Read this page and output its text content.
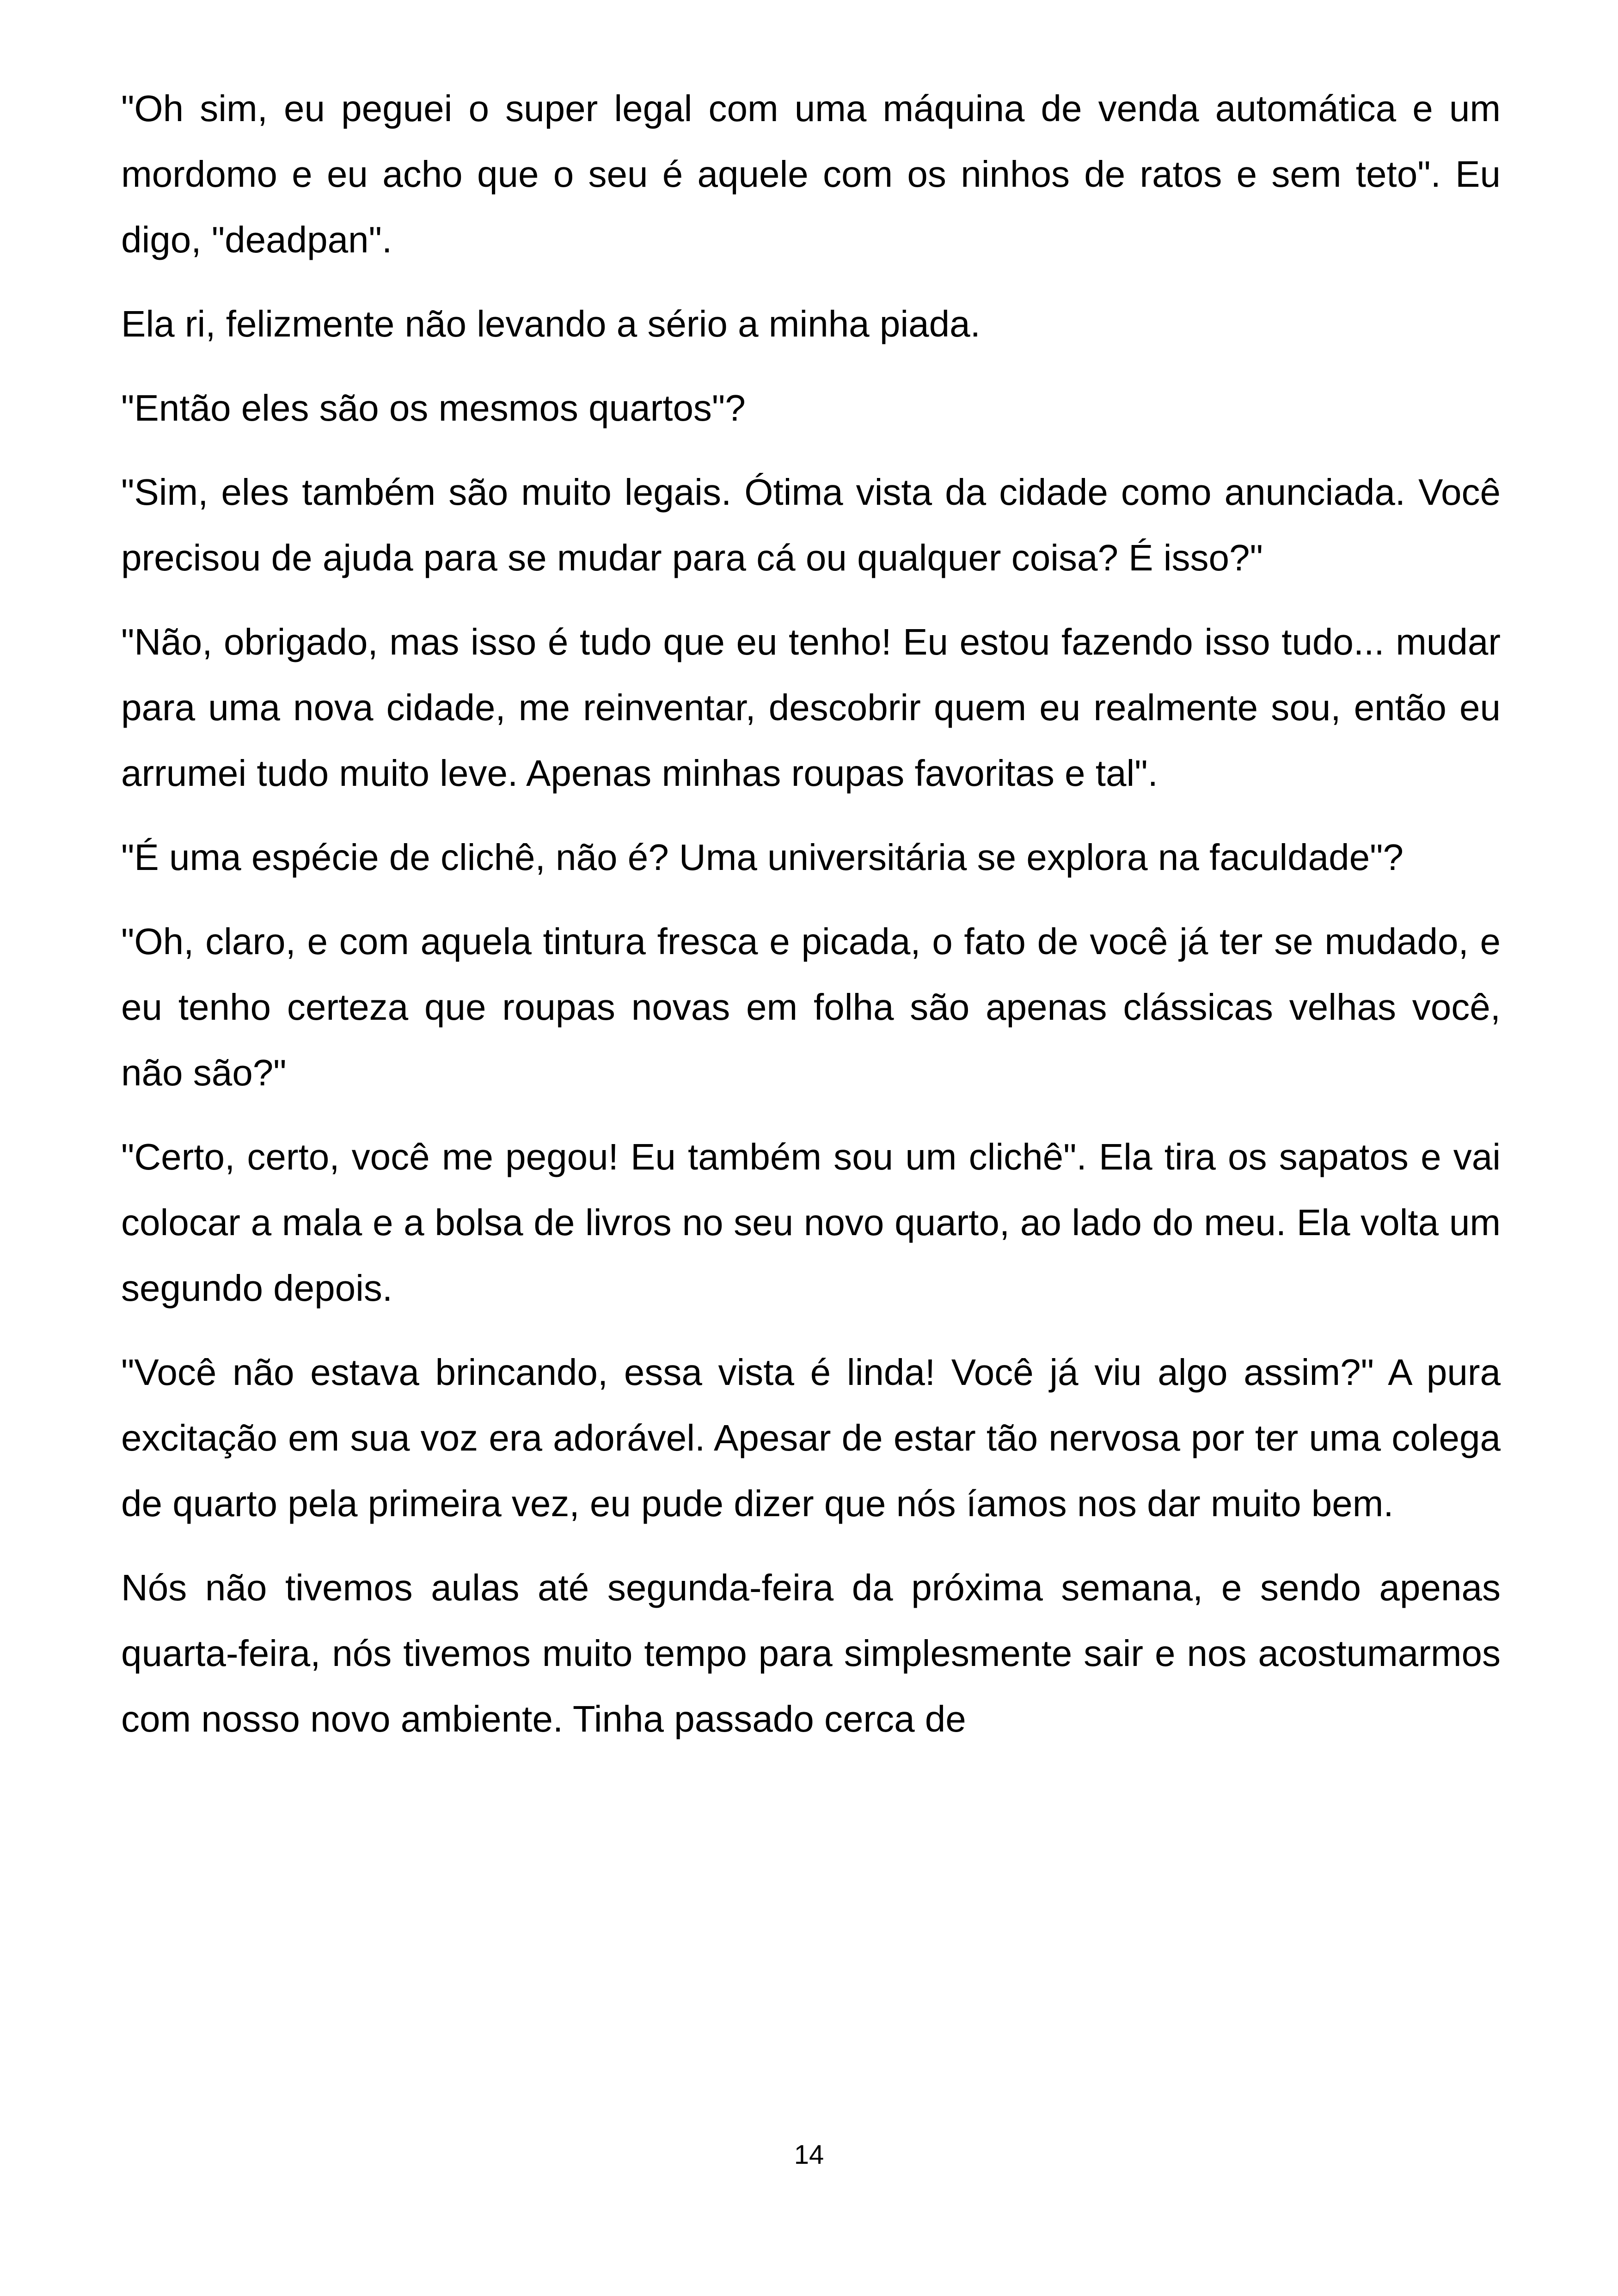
"Oh sim, eu peguei o super legal com uma máquina de venda automática e um mordomo e eu acho que o seu é aquele com os ninhos de ratos e sem teto". Eu digo, "deadpan".

Ela ri, felizmente não levando a sério a minha piada.

"Então eles são os mesmos quartos"?

"Sim, eles também são muito legais. Ótima vista da cidade como anunciada. Você precisou de ajuda para se mudar para cá ou qualquer coisa? É isso?"

"Não, obrigado, mas isso é tudo que eu tenho! Eu estou fazendo isso tudo... mudar para uma nova cidade, me reinventar, descobrir quem eu realmente sou, então eu arrumei tudo muito leve. Apenas minhas roupas favoritas e tal".

"É uma espécie de clichê, não é? Uma universitária se explora na faculdade"?

"Oh, claro, e com aquela tintura fresca e picada, o fato de você já ter se mudado, e eu tenho certeza que roupas novas em folha são apenas clássicas velhas você, não são?"

"Certo, certo, você me pegou! Eu também sou um clichê". Ela tira os sapatos e vai colocar a mala e a bolsa de livros no seu novo quarto, ao lado do meu. Ela volta um segundo depois.

"Você não estava brincando, essa vista é linda! Você já viu algo assim?" A pura excitação em sua voz era adorável. Apesar de estar tão nervosa por ter uma colega de quarto pela primeira vez, eu pude dizer que nós íamos nos dar muito bem.

Nós não tivemos aulas até segunda-feira da próxima semana, e sendo apenas quarta-feira, nós tivemos muito tempo para simplesmente sair e nos acostumarmos com nosso novo ambiente. Tinha passado cerca de

14
